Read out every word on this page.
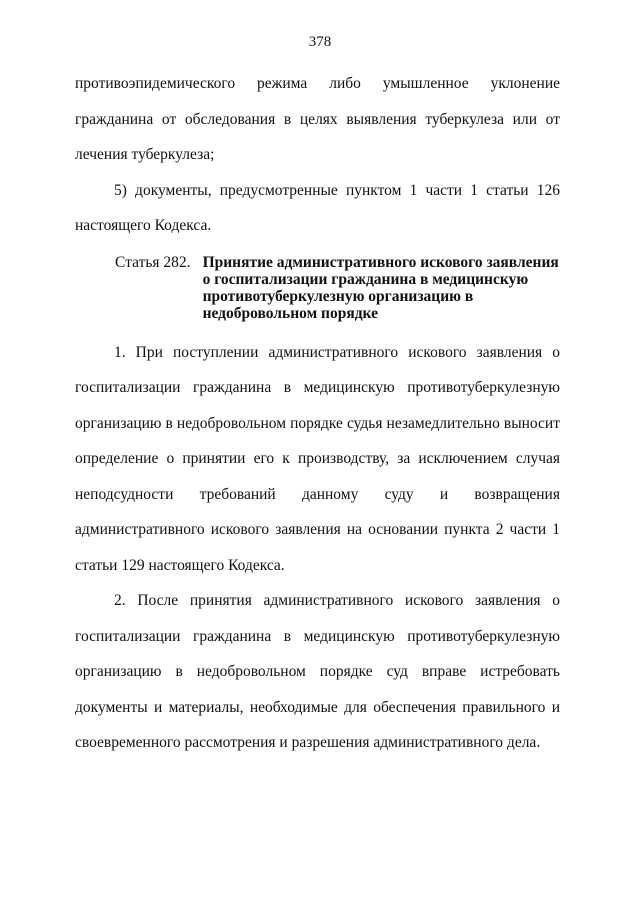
378

противоэпидемического режима либо умышленное уклонение гражданина от обследования в целях выявления туберкулеза или от лечения туберкулеза;

5) документы, предусмотренные пунктом 1 части 1 статьи 126 настоящего Кодекса.

Статья 282. Принятие административного искового заявления о госпитализации гражданина в медицинскую противотуберкулезную организацию в недобровольном порядке

1. При поступлении административного искового заявления о госпитализации гражданина в медицинскую противотуберкулезную организацию в недобровольном порядке судья незамедлительно выносит определение о принятии его к производству, за исключением случая неподсудности требований данному суду и возвращения административного искового заявления на основании пункта 2 части 1 статьи 129 настоящего Кодекса.

2. После принятия административного искового заявления о госпитализации гражданина в медицинскую противотуберкулезную организацию в недобровольном порядке суд вправе истребовать документы и материалы, необходимые для обеспечения правильного и своевременного рассмотрения и разрешения административного дела.
